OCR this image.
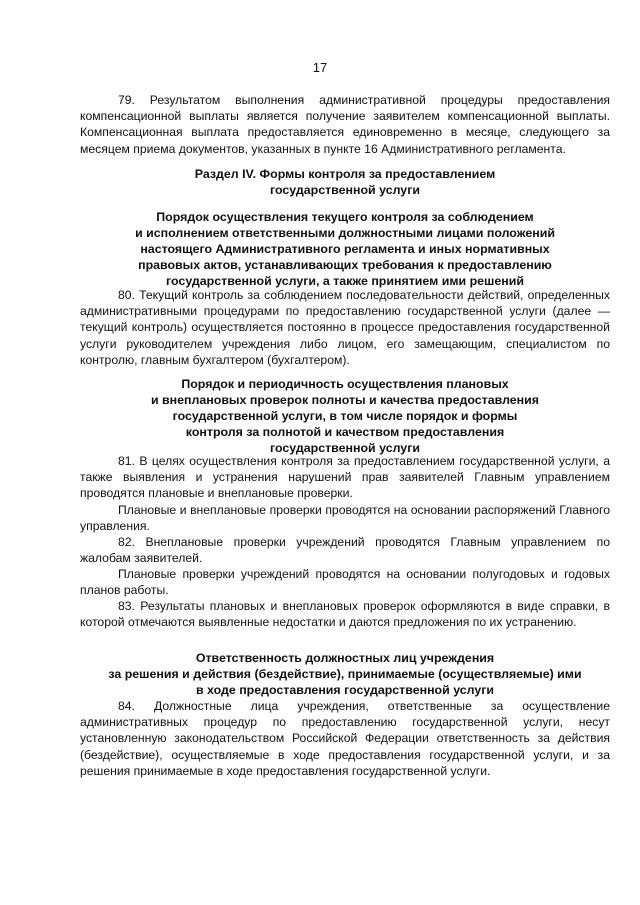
17

79. Результатом выполнения административной процедуры предоставления компенсационной выплаты является получение заявителем компенсационной выплаты. Компенсационная выплата предоставляется единовременно в месяце, следующего за месяцем приема документов, указанных в пункте 16 Административного регламента.

Раздел IV. Формы контроля за предоставлением
государственной услуги
Порядок осуществления текущего контроля за соблюдением
и исполнением ответственными должностными лицами положений
настоящего Административного регламента и иных нормативных
правовых актов, устанавливающих требования к предоставлению
государственной услуги, а также принятием ими решений

80. Текущий контроль за соблюдением последовательности действий, определенных административными процедурами по предоставлению государственной услуги (далее — текущий контроль) осуществляется постоянно в процессе предоставления государственной услуги руководителем учреждения либо лицом, его замещающим, специалистом по контролю, главным бухгалтером (бухгалтером).

Порядок и периодичность осуществления плановых
и внеплановых проверок полноты и качества предоставления
государственной услуги, в том числе порядок и формы
контроля за полнотой и качеством предоставления
государственной услуги

81. В целях осуществления контроля за предоставлением государственной услуги, а также выявления и устранения нарушений прав заявителей Главным управлением проводятся плановые и внеплановые проверки.

Плановые и внеплановые проверки проводятся на основании распоряжений Главного управления.

82. Внеплановые проверки учреждений проводятся Главным управлением по жалобам заявителей.

Плановые проверки учреждений проводятся на основании полугодовых и годовых планов работы.

83. Результаты плановых и внеплановых проверок оформляются в виде справки, в которой отмечаются выявленные недостатки и даются предложения по их устранению.

Ответственность должностных лиц учреждения
за решения и действия (бездействие), принимаемые (осуществляемые) ими
в ходе предоставления государственной услуги

84. Должностные лица учреждения, ответственные за осуществление административных процедур по предоставлению государственной услуги, несут установленную законодательством Российской Федерации ответственность за действия (бездействие), осуществляемые в ходе предоставления государственной услуги, и за решения принимаемые в ходе предоставления государственной услуги.
